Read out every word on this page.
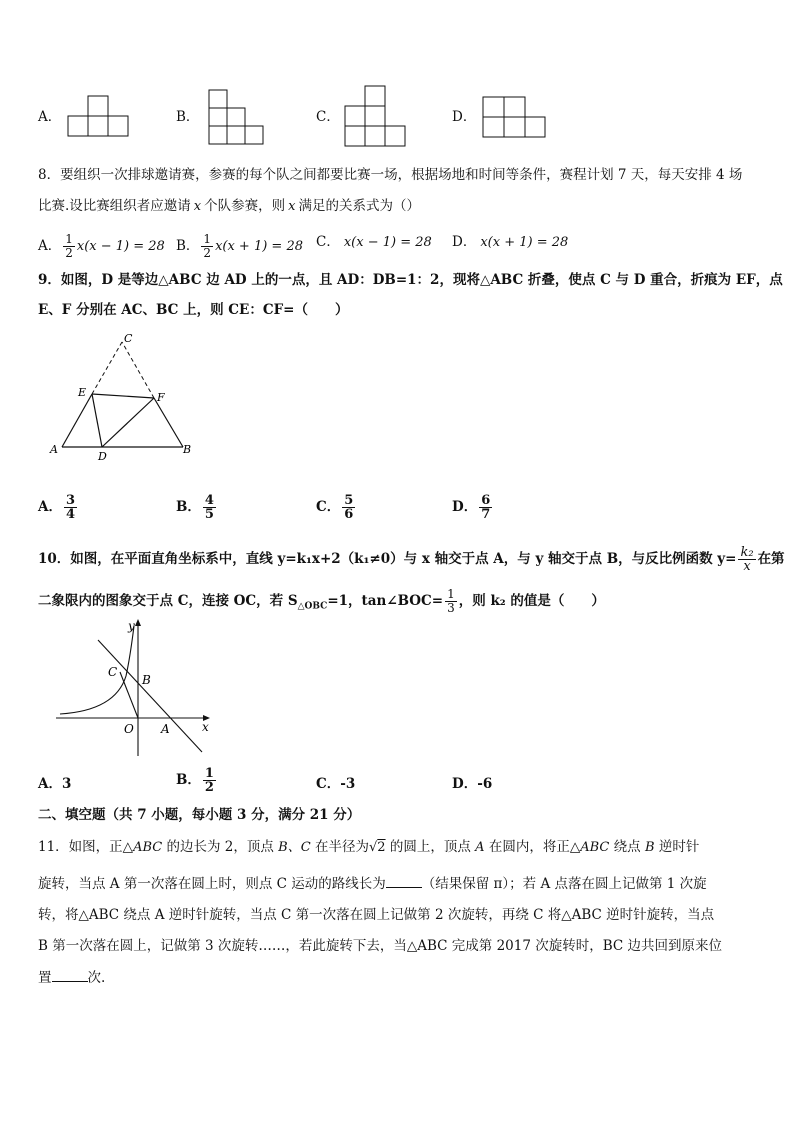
A．	B．	C．	D．
8．要组织一次排球邀请赛，参赛的每个队之间都要比赛一场，根据场地和时间等条件，赛程计划 7 天，每天安排 4 场
比赛.设比赛组织者应邀请 x 个队参赛，则 x 满足的关系式为（）
A． $\frac{1}{2} x(x - 1) = 28$ B． $\frac{1}{2} x(x + 1) = 28$ C． x(x − 1) = 28 D． x(x + 1) = 28
9．如图，D 是等边△ABC 边 AD 上的一点，且 AD：DB=1：2，现将△ABC 折叠，使点 C 与 D 重合，折痕为 EF，点
E、F 分别在 AC、BC 上，则 CE：CF=（　　）
C
E	F
A
D
B
A． $\frac{3}{4}$	B． $\frac{4}{5}$	C． $\frac{5}{6}$	D． $\frac{6}{7}$
10．如图，在平面直角坐标系中，直线 y=k₁x+2（k₁≠0）与 x 轴交于点 A，与 y 轴交于点 B，与反比例函数 $y= \frac{\text{k₂}}{x}$ 在第
二象限内的图象交于点 C，连接 OC，若 $S_{\triangle OBC}=1$，tan∠BOC= $\frac{1}{3}$ ，则 k₂ 的值是（　　）
y
x
C
B
O A
A．3	B． $\frac{1}{2}$	C．-3	D．-6
二、填空题（共 7 小题，每小题 3 分，满分 21 分）
11．如图，正△ABC 的边长为 2，顶点 B、C 在半径为√2 的圆上，顶点 A 在圆内，将正△ABC 绕点 B 逆时针
旋转，当点 A 第一次落在圆上时，则点 C 运动的路线长为	（结果保留 π）；若 A 点落在圆上记做第 1 次旋
转，将△ABC 绕点 A 逆时针旋转，当点 C 第一次落在圆上记做第 2 次旋转，再绕 C 将△ABC 逆时针旋转，当点
B 第一次落在圆上，记做第 3 次旋转……，若此旋转下去，当△ABC 完成第 2017 次旋转时，BC 边共回到原来位
置	次.
